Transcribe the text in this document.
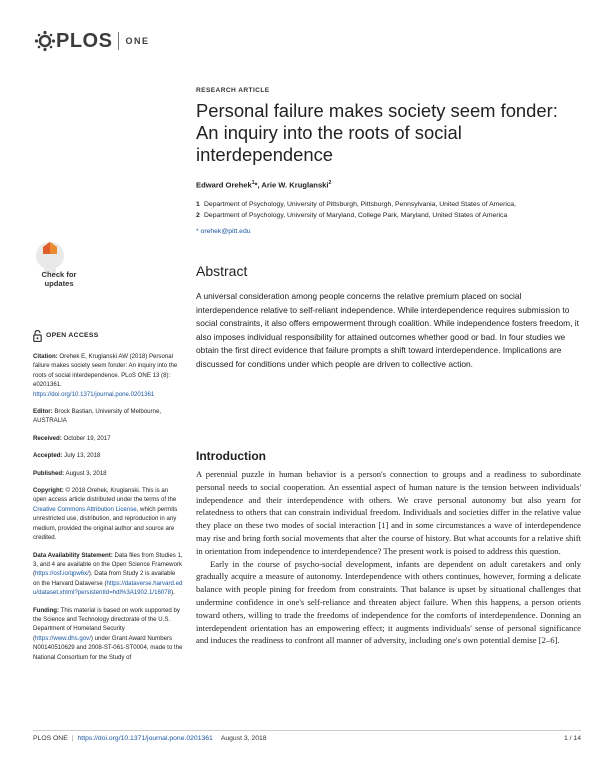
PLOS ONE
Check for
updates
RESEARCH ARTICLE
Personal failure makes society seem fonder: An inquiry into the roots of social interdependence
Edward Orehek$^1$*, Arie W. Kruglanski$^2$
1 Department of Psychology, University of Pittsburgh, Pittsburgh, Pennsylvania, United States of America,
2 Department of Psychology, University of Maryland, College Park, Maryland, United States of America
* orehek@pitt.edu
Abstract
A universal consideration among people concerns the relative premium placed on social interdependence relative to self-reliant independence. While interdependence requires submission to social constraints, it also offers empowerment through coalition. While independence fosters freedom, it also imposes individual responsibility for attained outcomes whether good or bad. In four studies we obtain the first direct evidence that failure prompts a shift toward interdependence. Implications are discussed for conditions under which people are driven to collective action.
OPEN ACCESS
Citation: Orehek E, Kruglanski AW (2018) Personal failure makes society seem fonder: An inquiry into the roots of social interdependence. PLoS ONE 13 (8): e0201361. https://doi.org/10.1371/journal.pone.0201361
Editor: Brock Bastian, University of Melbourne, AUSTRALIA
Received: October 19, 2017
Accepted: July 13, 2018
Published: August 3, 2018
Copyright: © 2018 Orehek, Kruglanski. This is an open access article distributed under the terms of the Creative Commons Attribution License, which permits unrestricted use, distribution, and reproduction in any medium, provided the original author and source are credited.
Data Availability Statement: Data files from Studies 1, 3, and 4 are available on the Open Science Framework (https://osf.io/qpw6x/). Data from Study 2 is available on the Harvard Dataverse (https://dataverse.harvard.edu/dataset.xhtml?persistentId=hdl%3A1902.1/16078).
Funding: This material is based on work supported by the Science and Technology directorate of the U.S. Department of Homeland Security (https://www.dhs.gov/) under Grant Award Numbers N00140510629 and 2008-ST-061-ST0004, made to the National Consortium for the Study of
Introduction

A perennial puzzle in human behavior is a person's connection to groups and a readiness to subordinate personal needs to social cooperation. An essential aspect of human nature is the tension between individuals' independence and their interdependence with others. We crave personal autonomy but also yearn for relatedness to others that can constrain individual freedom. Individuals and societies differ in the relative value they place on these two modes of social interaction [1] and in some circumstances a wave of interdependence may rise and bring forth social movements that alter the course of history. But what accounts for a relative shift in orientation from independence to interdependence? The present work is poised to address this question.

Early in the course of psycho-social development, infants are dependent on adult caretakers and only gradually acquire a measure of autonomy. Interdependence with others continues, however, forming a delicate balance with people pining for freedom from constraints. That balance is upset by situational challenges that undermine confidence in one's self-reliance and threaten abject failure. When this happens, a person orients toward others, willing to trade the freedoms of independence for the comforts of interdependence. Donning an interdependent orientation has an empowering effect; it augments individuals' sense of personal significance and induces the readiness to confront all manner of adversity, including one's own potential demise [2–6].

PLOS ONE | https://doi.org/10.1371/journal.pone.0201361 August 3, 2018	1 / 14
